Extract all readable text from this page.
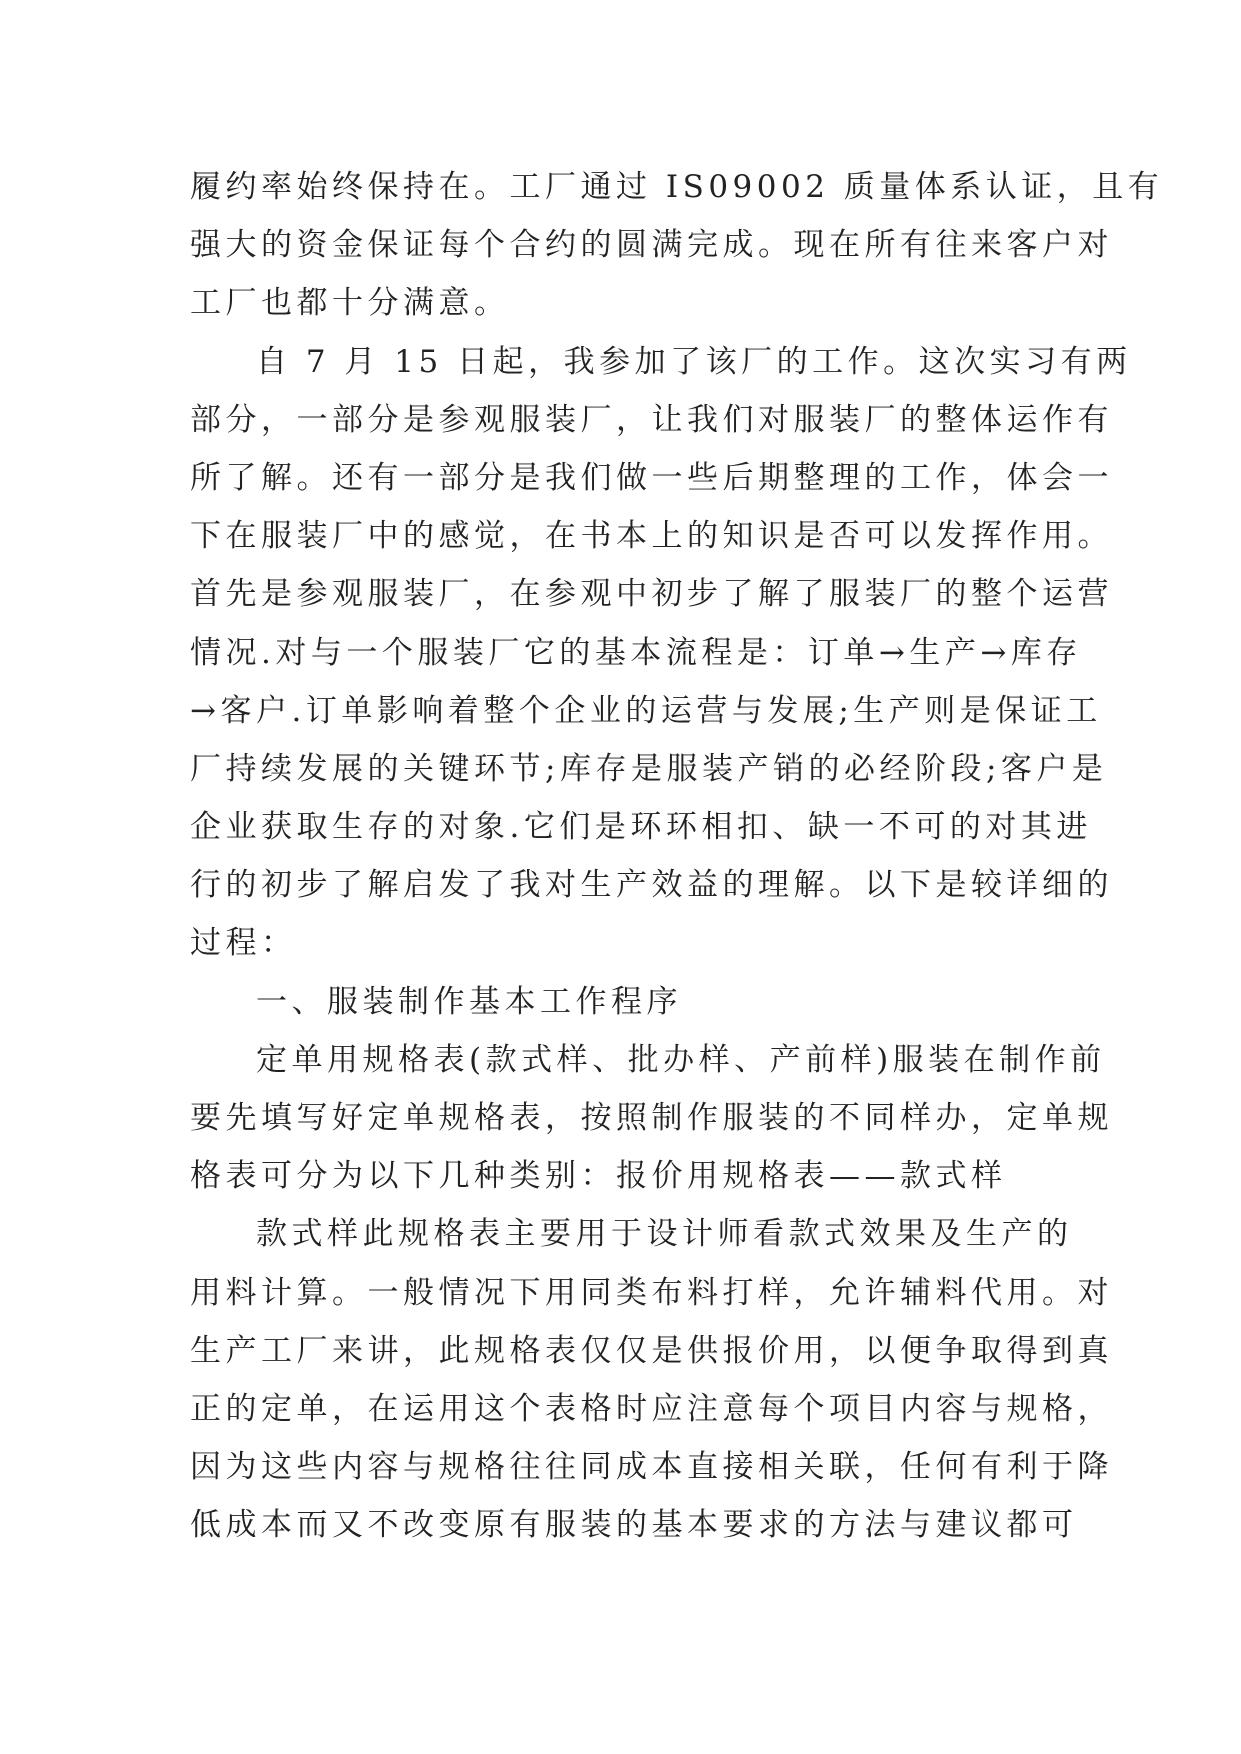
履约率始终保持在。工厂通过 IS09002 质量体系认证，且有
强大的资金保证每个合约的圆满完成。现在所有往来客户对
工厂也都十分满意。
自 7 月 15 日起，我参加了该厂的工作。这次实习有两
部分，一部分是参观服装厂，让我们对服装厂的整体运作有
所了解。还有一部分是我们做一些后期整理的工作，体会一
下在服装厂中的感觉，在书本上的知识是否可以发挥作用。
首先是参观服装厂，在参观中初步了解了服装厂的整个运营
情况.对与一个服装厂它的基本流程是：订单→生产→库存
→客户.订单影响着整个企业的运营与发展;生产则是保证工
厂持续发展的关键环节;库存是服装产销的必经阶段;客户是
企业获取生存的对象.它们是环环相扣、缺一不可的对其进
行的初步了解启发了我对生产效益的理解。以下是较详细的
过程：
一、服装制作基本工作程序
定单用规格表(款式样、批办样、产前样)服装在制作前
要先填写好定单规格表，按照制作服装的不同样办，定单规
格表可分为以下几种类别：报价用规格表——款式样
款式样此规格表主要用于设计师看款式效果及生产的
用料计算。一般情况下用同类布料打样，允许辅料代用。对
生产工厂来讲，此规格表仅仅是供报价用，以便争取得到真
正的定单，在运用这个表格时应注意每个项目内容与规格，
因为这些内容与规格往往同成本直接相关联，任何有利于降
低成本而又不改变原有服装的基本要求的方法与建议都可
